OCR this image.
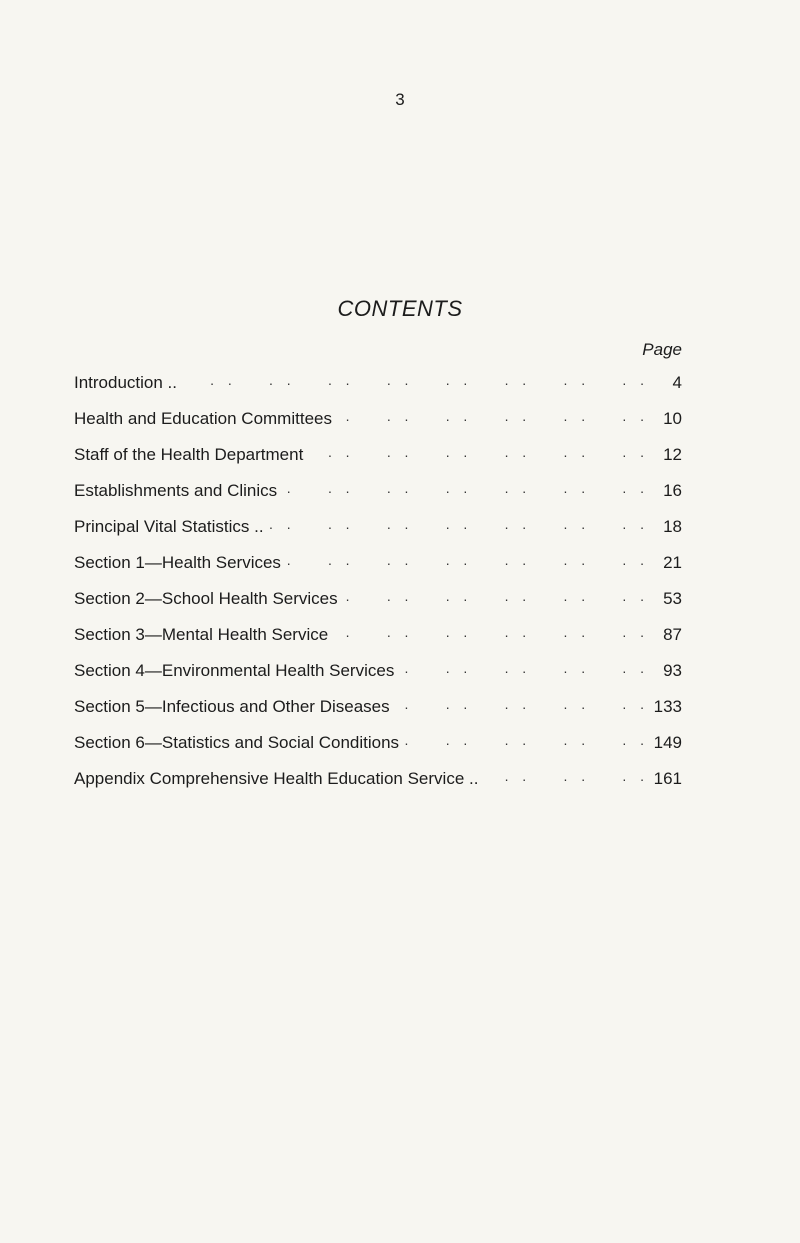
3
CONTENTS
Page
Introduction .. . .	4
Health and Education Committees . .	10
Staff of the Health Department . .	12
Establishments and Clinics . .	16
Principal Vital Statistics .. . .	18
Section 1—Health Services . .	21
Section 2—School Health Services . .	53
Section 3—Mental Health Service . .	87
Section 4—Environmental Health Services . .	93
Section 5—Infectious and Other Diseases . .	133
Section 6—Statistics and Social Conditions . .	149
Appendix Comprehensive Health Education Service .. . .	161
